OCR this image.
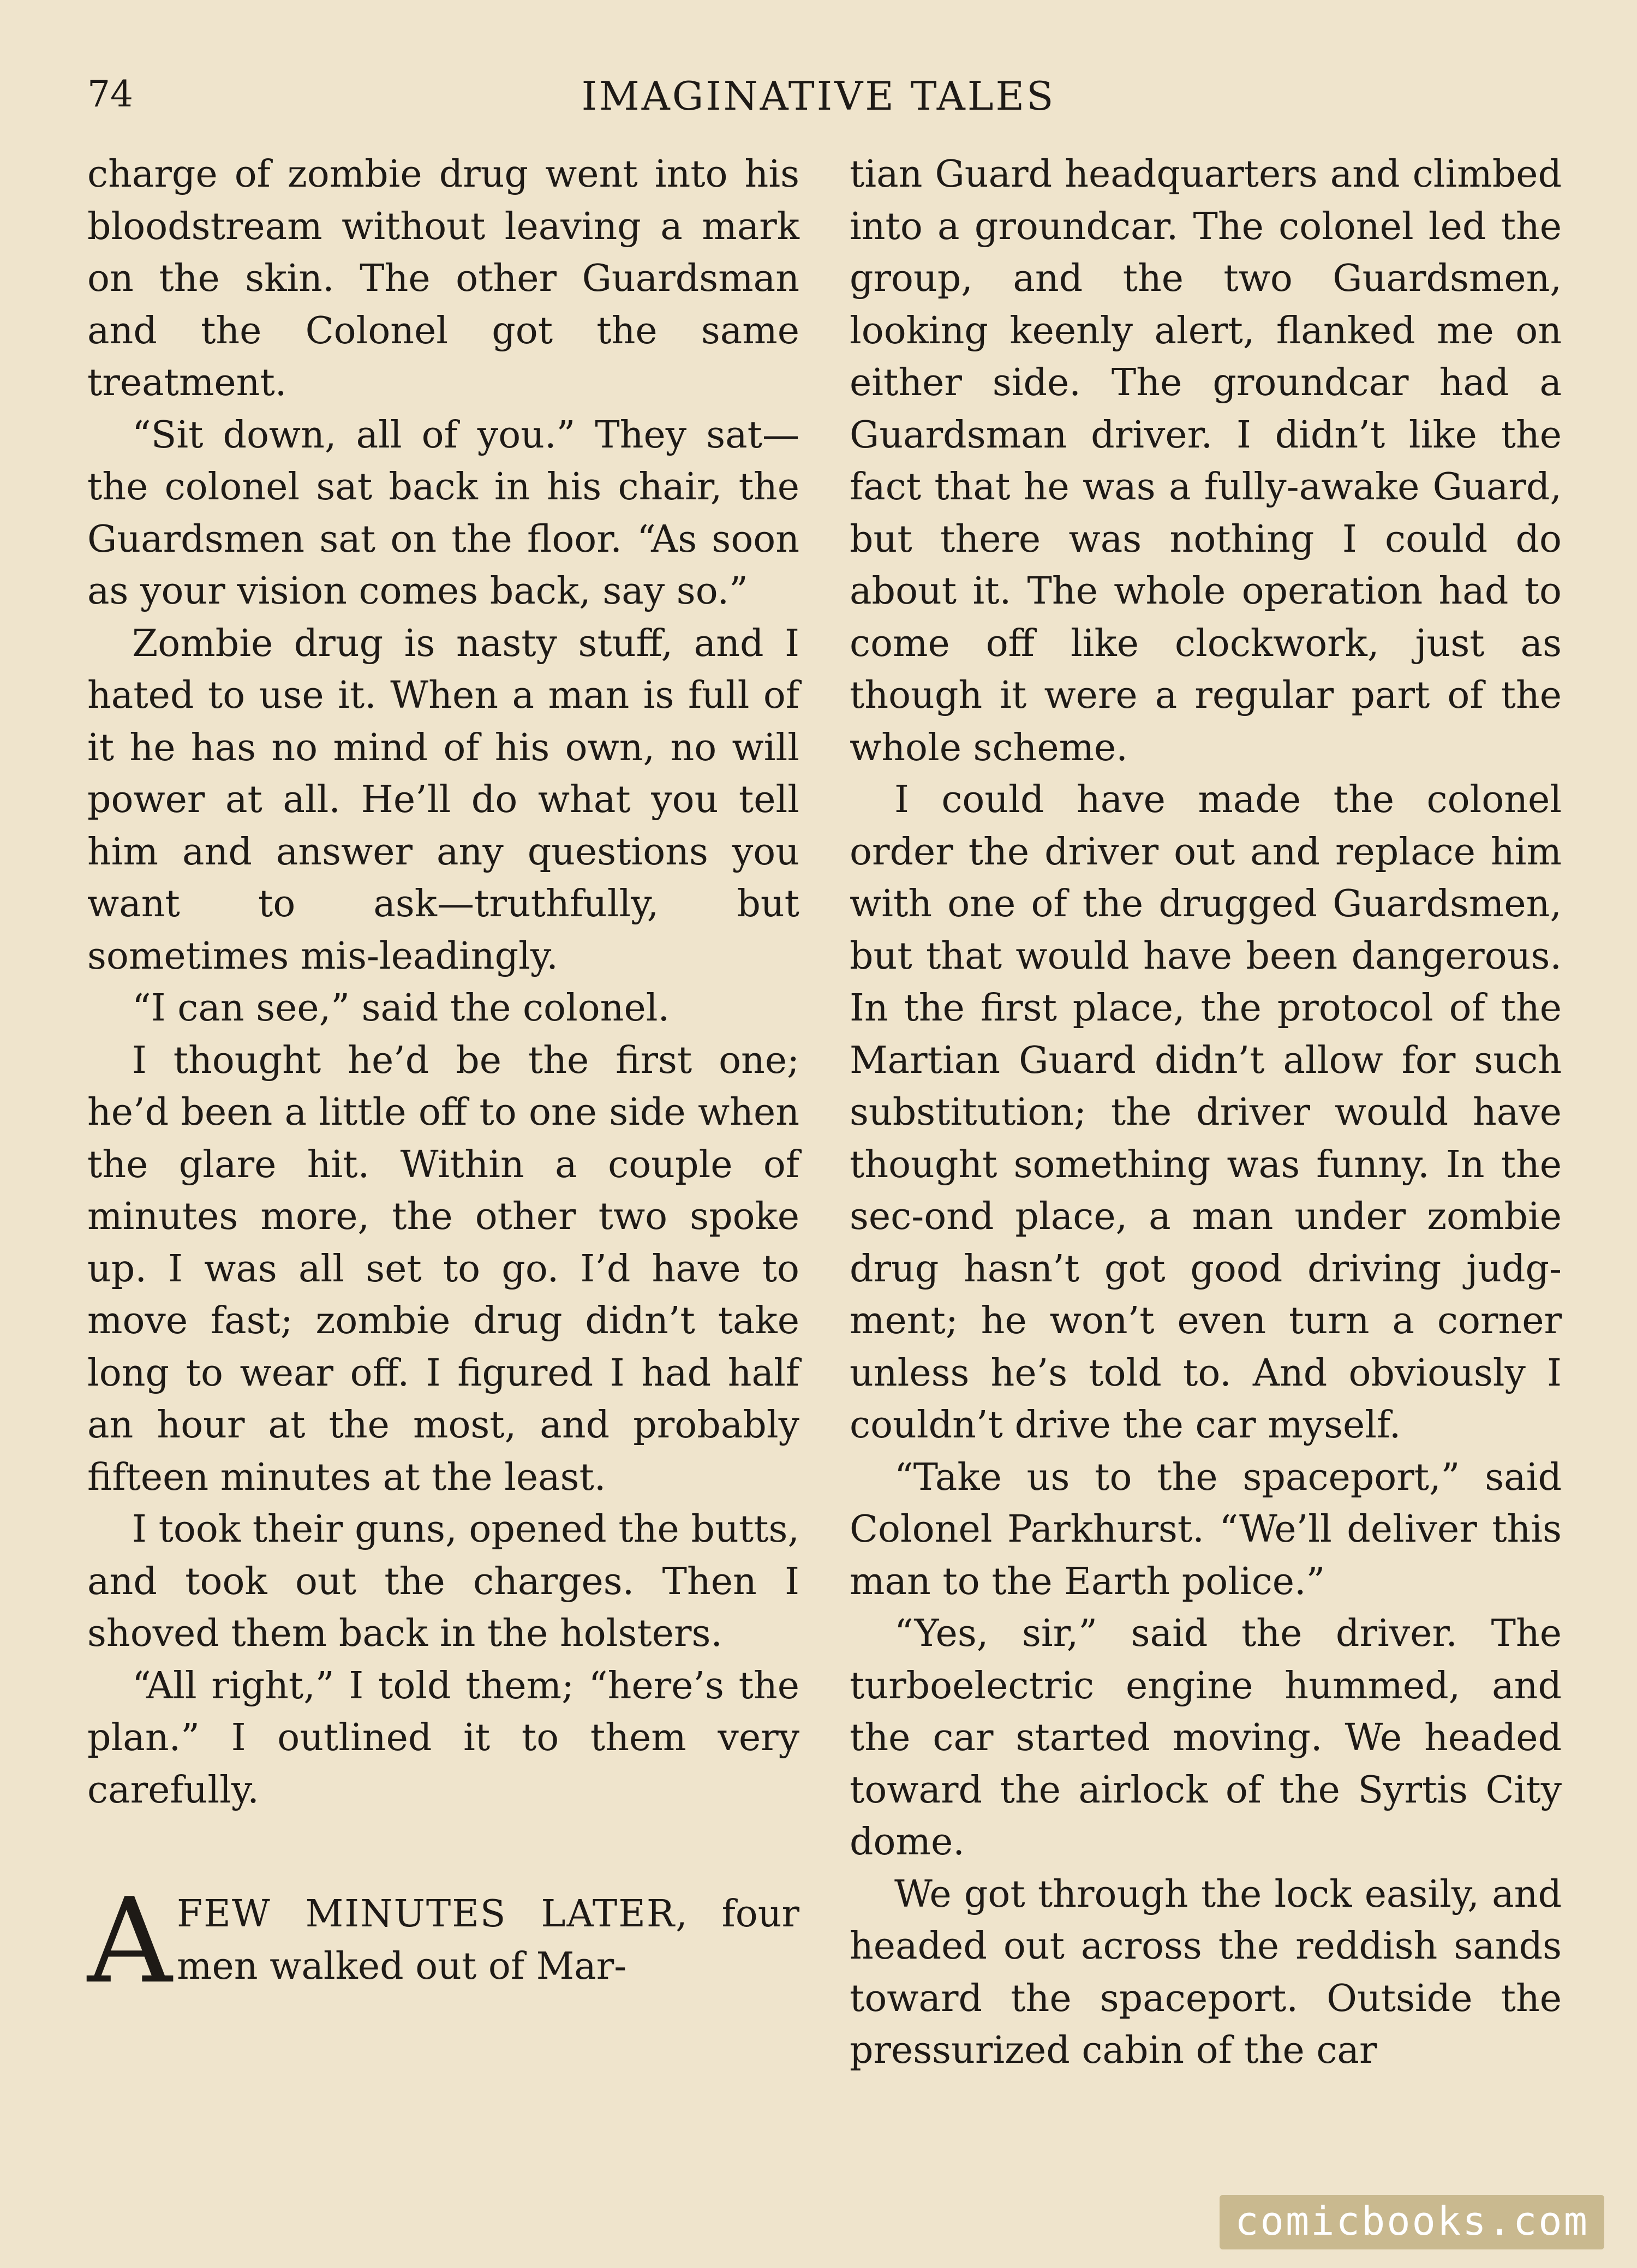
74	IMAGINATIVE TALES

charge of zombie drug went into his bloodstream without leaving a mark on the skin. The other Guardsman and the Colonel got the same treatment.

“Sit down, all of you.” They sat—the colonel sat back in his chair, the Guardsmen sat on the floor. “As soon as your vision comes back, say so.”

Zombie drug is nasty stuff, and I hated to use it. When a man is full of it he has no mind of his own, no will power at all. He’ll do what you tell him and answer any questions you want to ask—truthfully, but sometimes mis-leadingly.

“I can see,” said the colonel.

I thought he’d be the first one; he’d been a little off to one side when the glare hit. Within a couple of minutes more, the other two spoke up. I was all set to go. I’d have to move fast; zombie drug didn’t take long to wear off. I figured I had half an hour at the most, and probably fifteen minutes at the least.

I took their guns, opened the butts, and took out the charges. Then I shoved them back in the holsters.

“All right,” I told them; “here’s the plan.” I outlined it to them very carefully.

A FEW MINUTES LATER, four men walked out of Mar-

tian Guard headquarters and climbed into a groundcar. The colonel led the group, and the two Guardsmen, looking keenly alert, flanked me on either side. The groundcar had a Guardsman driver. I didn’t like the fact that he was a fully-awake Guard, but there was nothing I could do about it. The whole operation had to come off like clockwork, just as though it were a regular part of the whole scheme.

I could have made the colonel order the driver out and replace him with one of the drugged Guardsmen, but that would have been dangerous. In the first place, the protocol of the Martian Guard didn’t allow for such substitution; the driver would have thought something was funny. In the sec-ond place, a man under zombie drug hasn’t got good driving judg-ment; he won’t even turn a corner unless he’s told to. And obviously I couldn’t drive the car myself.

“Take us to the spaceport,” said Colonel Parkhurst. “We’ll deliver this man to the Earth police.”

“Yes, sir,” said the driver. The turboelectric engine hummed, and the car started moving. We headed toward the airlock of the Syrtis City dome.

We got through the lock easily, and headed out across the reddish sands toward the spaceport. Outside the pressurized cabin of the car

comicbooks.com
